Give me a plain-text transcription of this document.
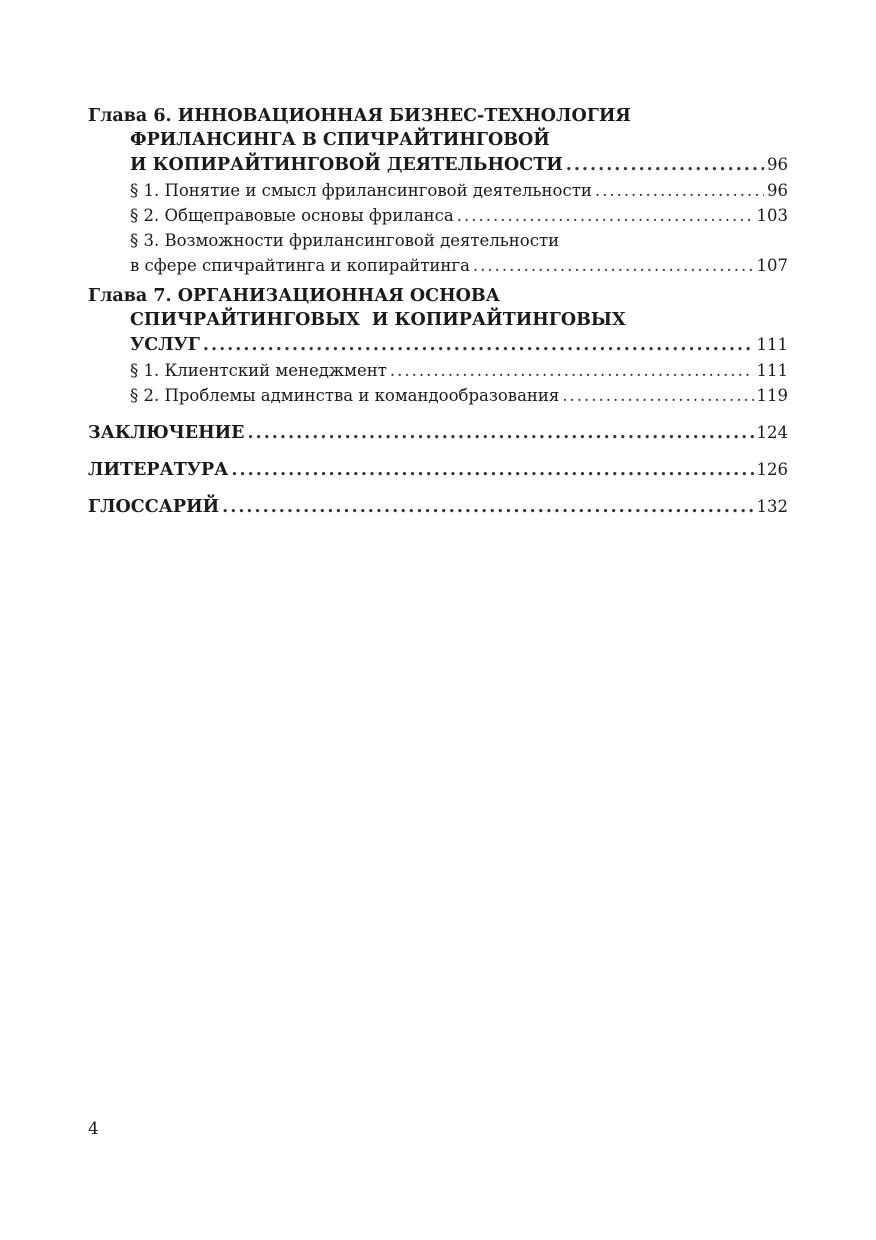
Глава 6. ИННОВАЦИОННАЯ БИЗНЕС-ТЕХНОЛОГИЯ
ФРИЛАНСИНГА В СПИЧРАЙТИНГОВОЙ
И КОПИРАЙТИНГОВОЙ ДЕЯТЕЛЬНОСТИ .....	96
§ 1. Понятие и смысл фрилансинговой деятельности .....	96
§ 2. Общеправовые основы фриланса .....	103
§ 3. Возможности фрилансинговой деятельности
в сфере спичрайтинга и копирайтинга .....	107
Глава 7. ОРГАНИЗАЦИОННАЯ ОСНОВА
СПИЧРАЙТИНГОВЫХ  И КОПИРАЙТИНГОВЫХ
УСЛУГ .....	111
§ 1. Клиентский менеджмент .....	111
§ 2. Проблемы админства и командообразования .....	119
ЗАКЛЮЧЕНИЕ .....	124
ЛИТЕРАТУРА .....	126
ГЛОССАРИЙ .....	132
4
